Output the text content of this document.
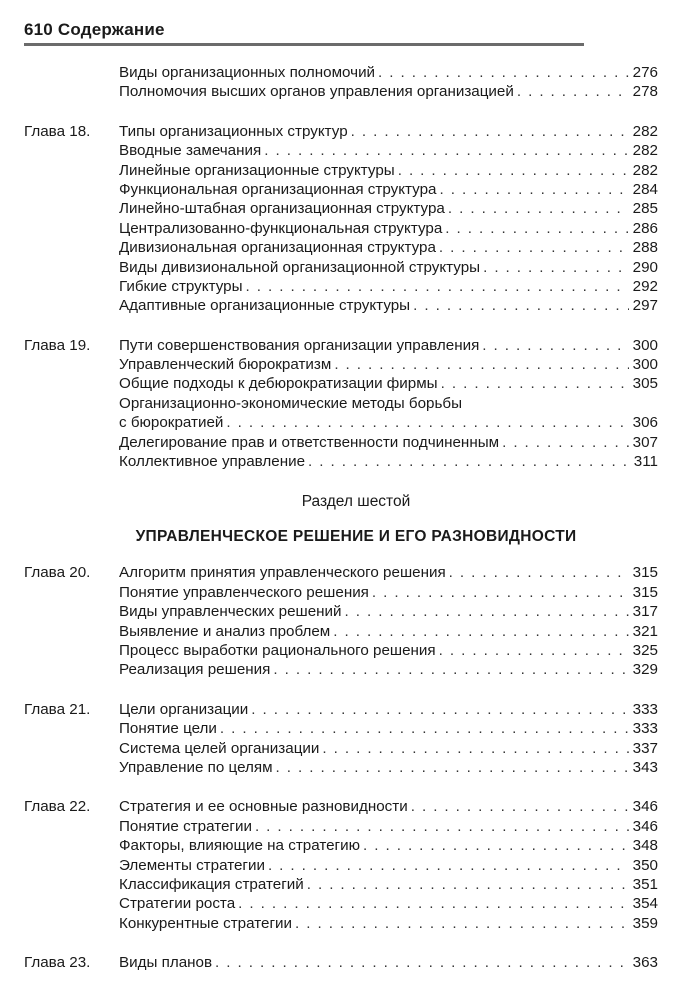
610 Содержание
Виды организационных полномочий . . .	276
Полномочия высших органов управления организацией . . .	278
Глава 18. Типы организационных структур . . .	282
Вводные замечания . . .	282
Линейные организационные структуры . . .	282
Функциональная организационная структура . . .	284
Линейно-штабная организационная структура . . .	285
Централизованно-функциональная структура . . .	286
Дивизиональная организационная структура . . .	288
Виды дивизиональной организационной структуры . . .	290
Гибкие структуры . . .	292
Адаптивные организационные структуры . . .	297
Глава 19. Пути совершенствования организации управления . . .	300
Управленческий бюрократизм . . .	300
Общие подходы к дебюрократизации фирмы . . .	305
Организационно-экономические методы борьбы
с бюрократией . . .	306
Делегирование прав и ответственности подчиненным . . .	307
Коллективное управление . . .	311
Раздел шестой
УПРАВЛЕНЧЕСКОЕ РЕШЕНИЕ И ЕГО РАЗНОВИДНОСТИ
Глава 20. Алгоритм принятия управленческого решения . . .	315
Понятие управленческого решения . . .	315
Виды управленческих решений . . .	317
Выявление и анализ проблем . . .	321
Процесс выработки рационального решения . . .	325
Реализация решения . . .	329
Глава 21. Цели организации . . .	333
Понятие цели . . .	333
Система целей организации . . .	337
Управление по целям . . .	343
Глава 22. Стратегия и ее основные разновидности . . .	346
Понятие стратегии . . .	346
Факторы, влияющие на стратегию . . .	348
Элементы стратегии . . .	350
Классификация стратегий . . .	351
Стратегии роста . . .	354
Конкурентные стратегии . . .	359
Глава 23. Виды планов . . .	363
